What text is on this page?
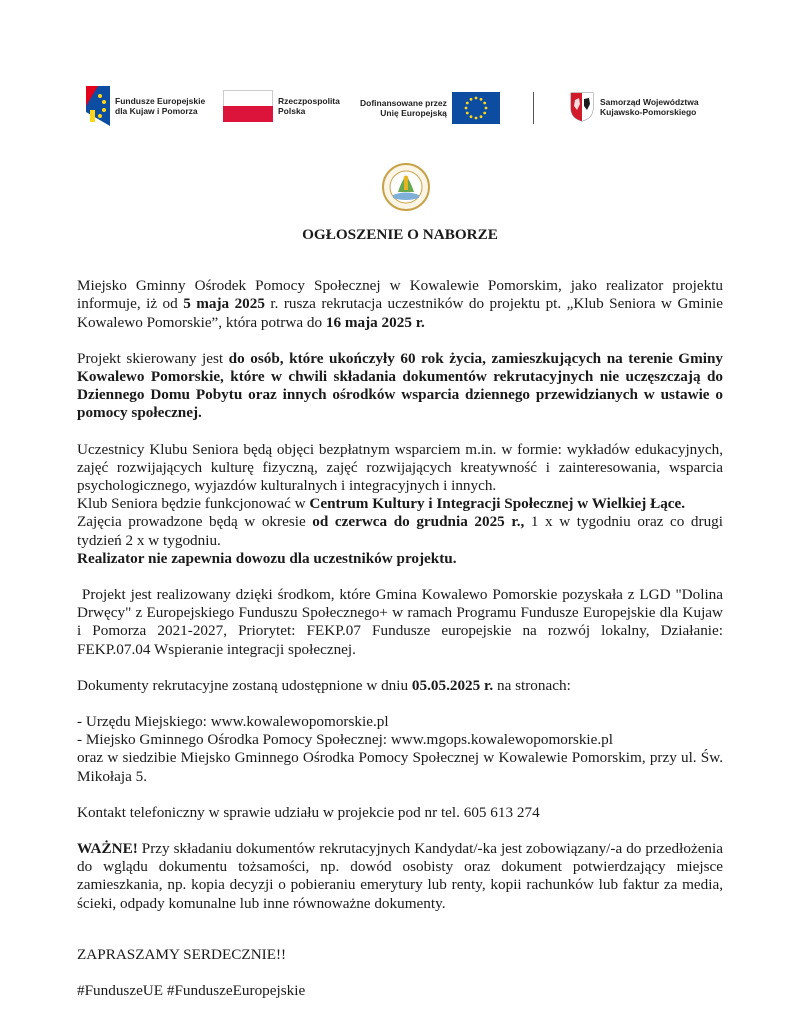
Fundusze Europejskie
dla Kujaw i Pomorza
Rzeczpospolita
Polska
Dofinansowane przez
Unię Europejską
Samorząd Województwa
Kujawsko-Pomorskiego
OGŁOSZENIE O NABORZE

Miejsko Gminny Ośrodek Pomocy Społecznej w Kowalewie Pomorskim, jako realizator projektu informuje, iż od 5 maja 2025 r. rusza rekrutacja uczestników do projektu pt. „Klub Seniora w Gminie Kowalewo Pomorskie”, która potrwa do 16 maja 2025 r.

Projekt skierowany jest do osób, które ukończyły 60 rok życia, zamieszkujących na terenie Gminy Kowalewo Pomorskie, które w chwili składania dokumentów rekrutacyjnych nie uczęszczają do Dziennego Domu Pobytu oraz innych ośrodków wsparcia dziennego przewidzianych w ustawie o pomocy społecznej.

Uczestnicy Klubu Seniora będą objęci bezpłatnym wsparciem m.in. w formie: wykładów edukacyjnych, zajęć rozwijających kulturę fizyczną, zajęć rozwijających kreatywność i zainteresowania, wsparcia psychologicznego, wyjazdów kulturalnych i integracyjnych i innych.

Klub Seniora będzie funkcjonować w Centrum Kultury i Integracji Społecznej w Wielkiej Łące.

Zajęcia prowadzone będą w okresie od czerwca do grudnia 2025 r., 1 x w tygodniu oraz co drugi tydzień 2 x w tygodniu.

Realizator nie zapewnia dowozu dla uczestników projektu.

Projekt jest realizowany dzięki środkom, które Gmina Kowalewo Pomorskie pozyskała z LGD "Dolina Drwęcy" z Europejskiego Funduszu Społecznego+ w ramach Programu Fundusze Europejskie dla Kujaw i Pomorza 2021-2027, Priorytet: FEKP.07 Fundusze europejskie na rozwój lokalny, Działanie: FEKP.07.04 Wspieranie integracji społecznej.

Dokumenty rekrutacyjne zostaną udostępnione w dniu 05.05.2025 r. na stronach:

- Urzędu Miejskiego: www.kowalewopomorskie.pl
- Miejsko Gminnego Ośrodka Pomocy Społecznej: www.mgops.kowalewopomorskie.pl
oraz w siedzibie Miejsko Gminnego Ośrodka Pomocy Społecznej w Kowalewie Pomorskim, przy ul. Św. Mikołaja 5.

Kontakt telefoniczny w sprawie udziału w projekcie pod nr tel. 605 613 274

WAŻNE! Przy składaniu dokumentów rekrutacyjnych Kandydat/-ka jest zobowiązany/-a do przedłożenia do wglądu dokumentu tożsamości, np. dowód osobisty oraz dokument potwierdzający miejsce zamieszkania, np. kopia decyzji o pobieraniu emerytury lub renty, kopii rachunków lub faktur za media, ścieki, odpady komunalne lub inne równoważne dokumenty.

ZAPRASZAMY SERDECZNIE!!

#FunduszeUE #FunduszeEuropejskie
